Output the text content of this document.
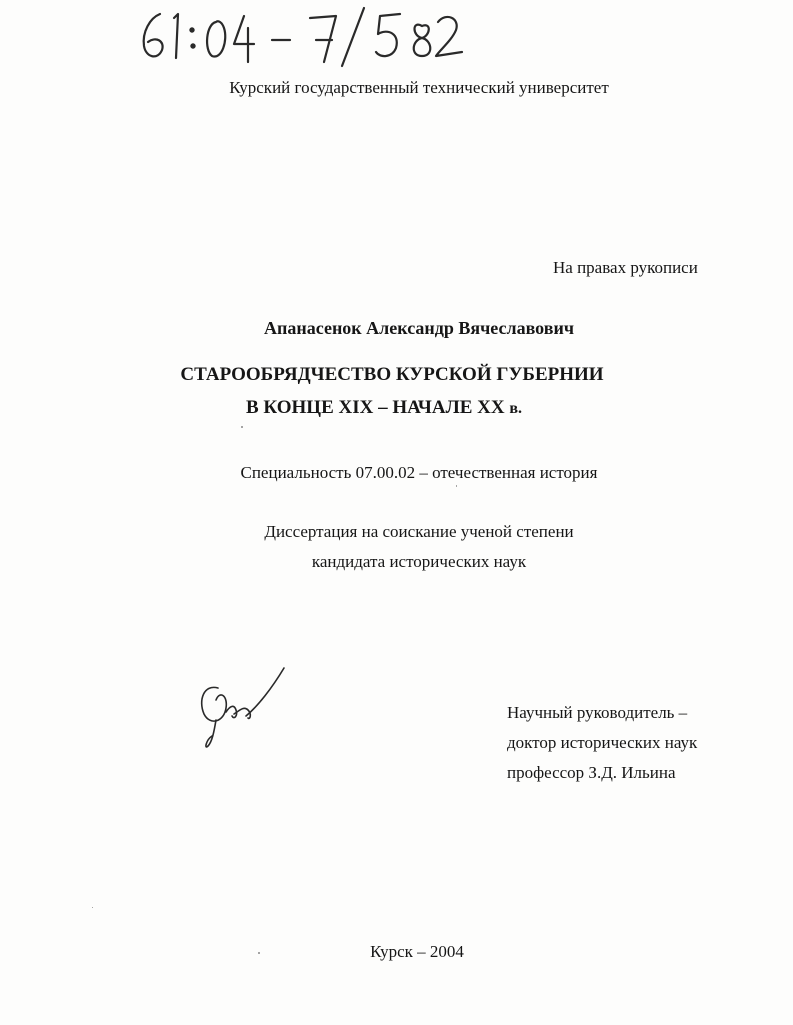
Курский государственный технический университет
На правах рукописи
Апанасенок Александр Вячеславович
СТАРООБРЯДЧЕСТВО КУРСКОЙ ГУБЕРНИИ
В КОНЦЕ XIX – НАЧАЛЕ XX в.
Специальность 07.00.02 – отечественная история
Диссертация на соискание ученой степени
кандидата исторических наук
Научный руководитель –
доктор исторических наук
профессор З.Д. Ильина
Курск – 2004
